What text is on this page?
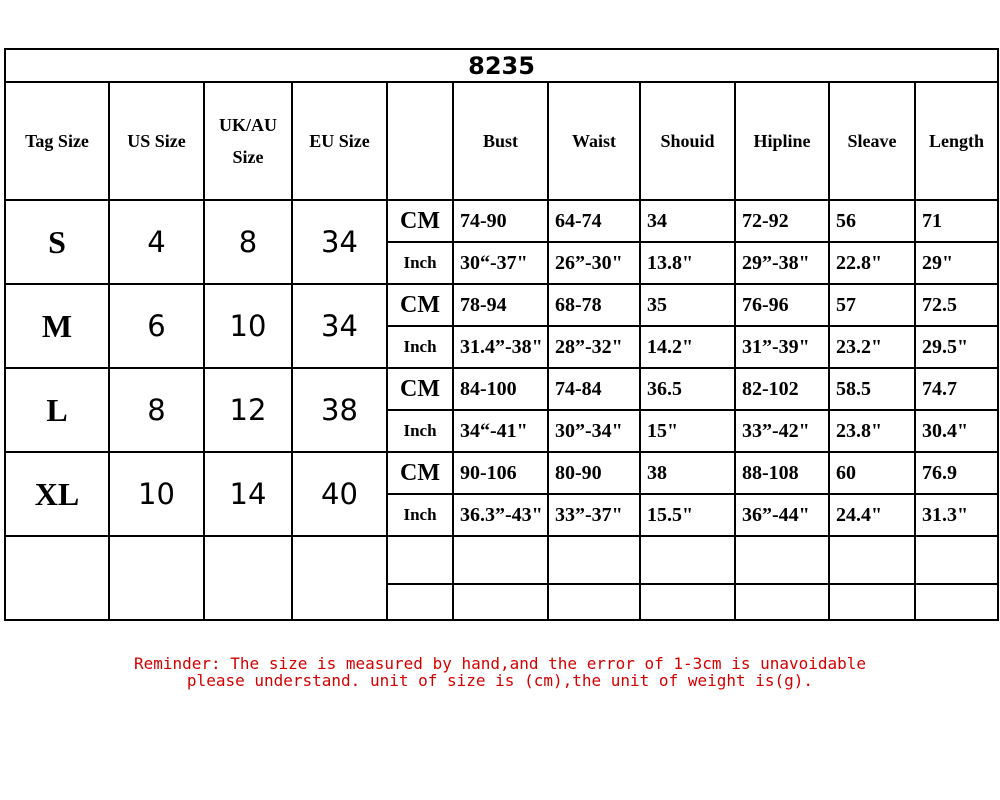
8235										
Tag Size	US Size	UK/AU Size	EU Size		Bust	Waist	Shouid	Hipline	Sleave	Length
S	4	8	34	CM	74-90	64-74	34	72-92	56	71
				Inch	30“-37"	26”-30"	13.8"	29”-38"	22.8"	29"
M	6	10	34	CM	78-94	68-78	35	76-96	57	72.5
				Inch	31.4”-38"	28”-32"	14.2"	31”-39"	23.2"	29.5"
L	8	12	38	CM	84-100	74-84	36.5	82-102	58.5	74.7
				Inch	34“-41"	30”-34"	15"	33”-42"	23.8"	30.4"
XL	10	14	40	CM	90-106	80-90	38	88-108	60	76.9
				Inch	36.3”-43"	33”-37"	15.5"	36”-44"	24.4"	31.3"

Reminder: The size is measured by hand,and the error of 1-3cm is unavoidable
please understand. unit of size is (cm),the unit of weight is(g).
